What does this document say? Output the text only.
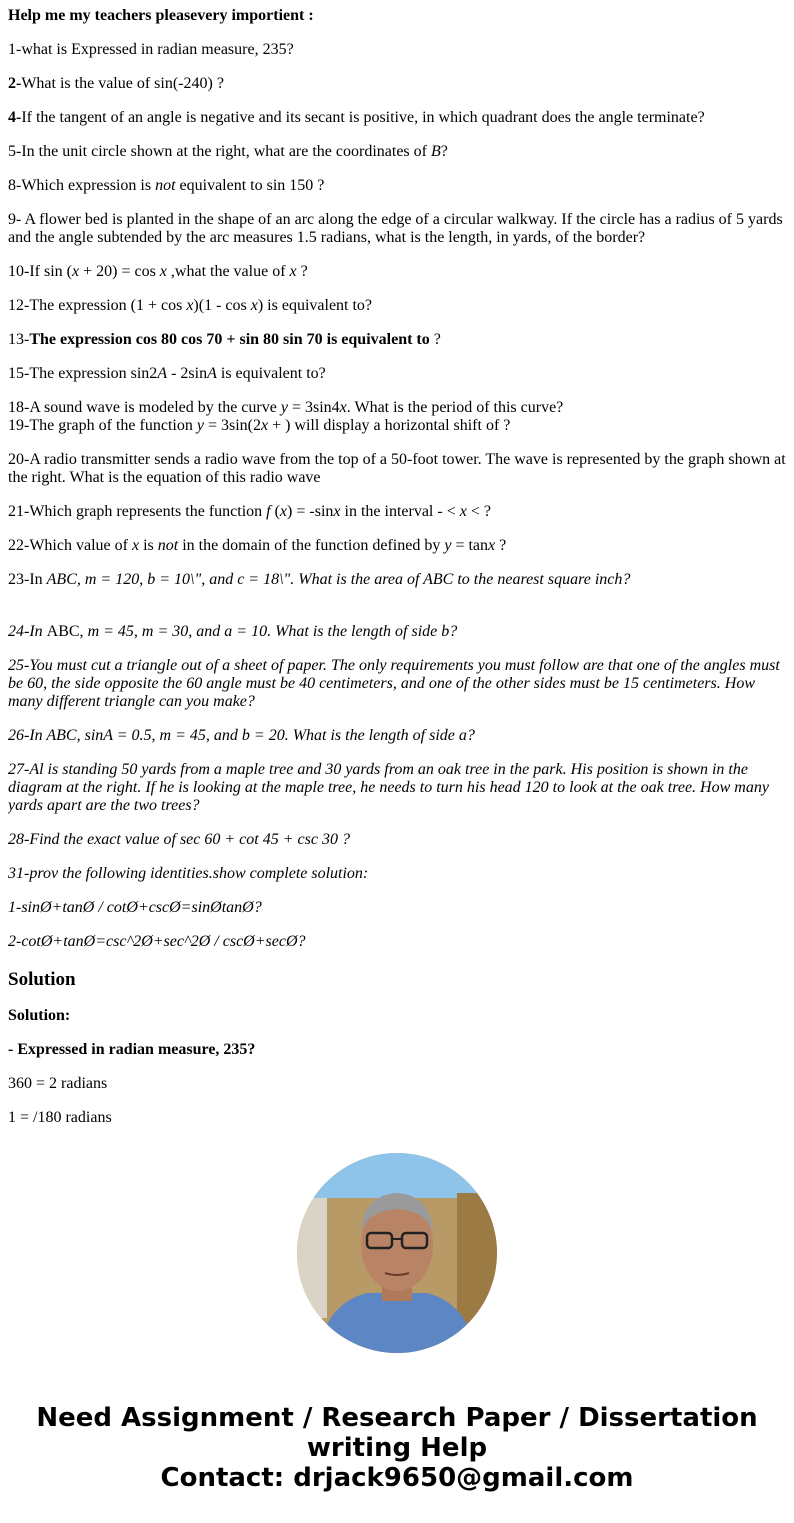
Help me my teachers pleasevery importient :

1-what is Expressed in radian measure, 235?

2-What is the value of sin(-240) ?

4-If the tangent of an angle is negative and its secant is positive, in which quadrant does the angle terminate?

5-In the unit circle shown at the right, what are the coordinates of B?

8-Which expression is not equivalent to sin 150 ?

9- A flower bed is planted in the shape of an arc along the edge of a circular walkway. If the circle has a radius of 5 yards and the angle subtended by the arc measures 1.5 radians, what is the length, in yards, of the border?

10-If sin (x + 20) = cos x ,what the value of x ?

12-The expression (1 + cos x)(1 - cos x) is equivalent to?

13-The expression cos 80 cos 70 + sin 80 sin 70 is equivalent to ?

15-The expression sin2A - 2sinA is equivalent to?

18-A sound wave is modeled by the curve y = 3sin4x. What is the period of this curve?
19-The graph of the function y = 3sin(2x + ) will display a horizontal shift of ?

20-A radio transmitter sends a radio wave from the top of a 50-foot tower. The wave is represented by the graph shown at the right. What is the equation of this radio wave

21-Which graph represents the function f (x) = -sinx in the interval - < x < ?

22-Which value of x is not in the domain of the function defined by y = tanx ?

23-In ABC, m = 120, b = 10\", and c = 18\". What is the area of ABC to the nearest square inch?

24-In ABC, m = 45, m = 30, and a = 10. What is the length of side b?

25-You must cut a triangle out of a sheet of paper. The only requirements you must follow are that one of the angles must be 60, the side opposite the 60 angle must be 40 centimeters, and one of the other sides must be 15 centimeters. How many different triangle can you make?

26-In ABC, sinA = 0.5, m = 45, and b = 20. What is the length of side a?

27-Al is standing 50 yards from a maple tree and 30 yards from an oak tree in the park. His position is shown in the diagram at the right. If he is looking at the maple tree, he needs to turn his head 120 to look at the oak tree. How many yards apart are the two trees?

28-Find the exact value of sec 60 + cot 45 + csc 30 ?

31-prov the following identities.show complete solution:

1-sinØ+tanØ / cotØ+cscØ=sinØtanØ?

2-cotØ+tanØ=csc^2Ø+sec^2Ø / cscØ+secØ?

Solution

Solution:

- Expressed in radian measure, 235?

360 = 2 radians

1 = /180 radians

Need Assignment / Research Paper / Dissertation writing Help
Contact: drjack9650@gmail.com
